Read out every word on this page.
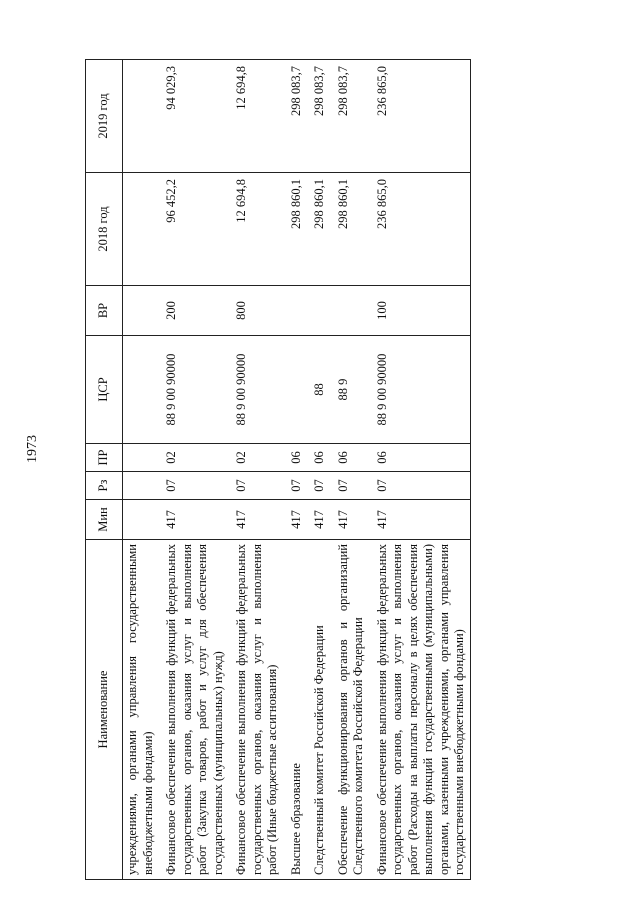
1973
Наименование	Мин	Рз	ПР	ЦСР	ВР	2018 год	2019 год
учреждениями, органами управления государственными внебюджетными фондами)							

Финансовое обеспечение выполнения функций федеральных государственных органов, оказания услуг и выполнения работ (Закупка товаров, работ и услуг для обеспечения государственных (муниципальных) нужд)	417	07	02	88 9 00 90000	200	96 452,2	94 029,3

Финансовое обеспечение выполнения функций федеральных государственных органов, оказания услуг и выполнения работ (Иные бюджетные ассигнования)	417	07	02	88 9 00 90000	800	12 694,8	12 694,8

Высшее образование	417	07	06			298 860,1	298 083,7

Следственный комитет Российской Федерации	417	07	06	88		298 860,1	298 083,7

Обеспечение функционирования органов и организаций Следственного комитета Российской Федерации	417	07	06	88 9		298 860,1	298 083,7

Финансовое обеспечение выполнения функций федеральных государственных органов, оказания услуг и выполнения работ (Расходы на выплаты персоналу в целях обеспечения выполнения функций государственными (муниципальными) органами, казенными учреждениями, органами управления государственными внебюджетными фондами)	417	07	06	88 9 00 90000	100	236 865,0	236 865,0
